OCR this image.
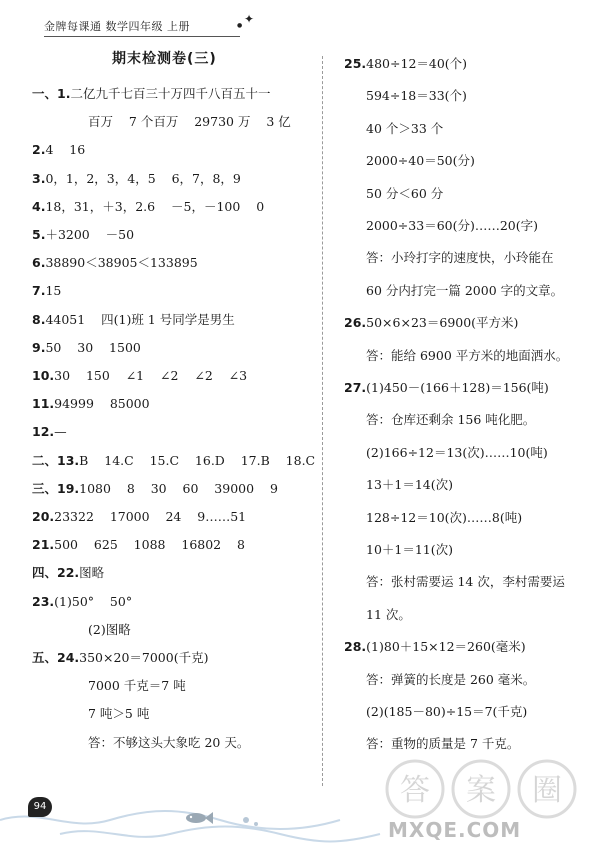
金牌每课通 数学四年级 上册
✦
●
期末检测卷(三)
一、1.二亿九千七百三十万四千八百五十一
百万    7 个百万    29730 万    3 亿
2.4    16
3.0，1，2，3，4，5    6，7，8，9
4.18，31，＋3，2.6    －5，－100    0
5.＋3200    －50
6.38890＜38905＜133895
7.15
8.44051    四(1)班 1 号同学是男生
9.50    30    1500
10.30    150    ∠1    ∠2    ∠2    ∠3
11.94999    85000
12.—
二、13.B    14.C    15.C    16.D    17.B    18.C
三、19.1080    8    30    60    39000    9
20.23322    17000    24    9……51
21.500    625    1088    16802    8
四、22.图略
23.(1)50°    50°
(2)图略
五、24.350×20＝7000(千克)
7000 千克＝7 吨
7 吨＞5 吨
答：不够这头大象吃 20 天。
25.480÷12＝40(个)
594÷18＝33(个)
40 个＞33 个
2000÷40＝50(分)
50 分＜60 分
2000÷33＝60(分)……20(字)
答：小玲打字的速度快，小玲能在
60 分内打完一篇 2000 字的文章。
26.50×6×23＝6900(平方米)
答：能给 6900 平方米的地面洒水。
27.(1)450－(166＋128)＝156(吨)
答：仓库还剩余 156 吨化肥。
(2)166÷12＝13(次)……10(吨)
13＋1＝14(次)
128÷12＝10(次)……8(吨)
10＋1＝11(次)
答：张村需要运 14 次，李村需要运
11 次。
28.(1)80＋15×12＝260(毫米)
答：弹簧的长度是 260 毫米。
(2)(185－80)÷15＝7(千克)
答：重物的质量是 7 千克。
94	答 案 圈
MXQE.COM
